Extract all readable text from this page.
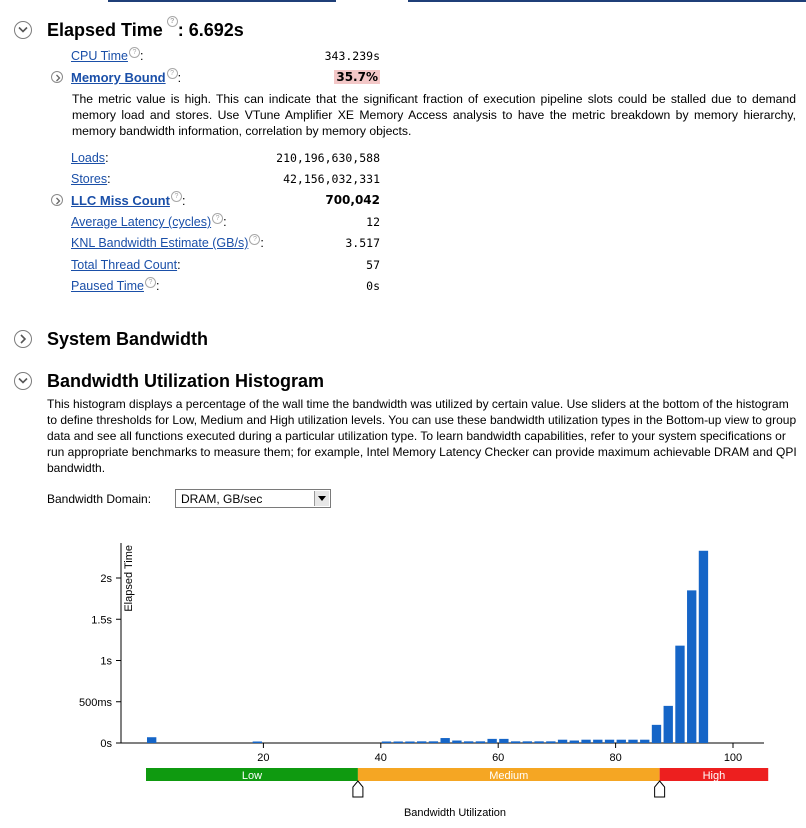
Elapsed Time ? : 6.692s
CPU Time ? :	343.239s
Memory Bound ? :	35.7%
Loads:	210,196,630,588
Stores:	42,156,032,331
LLC Miss Count ? :	700,042
Average Latency (cycles) ? :	12
KNL Bandwidth Estimate (GB/s) ? :	3.517
Total Thread Count:	57
Paused Time ? :	0s
The metric value is high. This can indicate that the significant fraction of execution pipeline slots could be stalled due to demand memory load and stores. Use VTune Amplifier XE Memory Access analysis to have the metric breakdown by memory hierarchy, memory bandwidth information, correlation by memory objects.
System Bandwidth
Bandwidth Utilization Histogram
This histogram displays a percentage of the wall time the bandwidth was utilized by certain value. Use sliders at the bottom of the histogram to define thresholds for Low, Medium and High utilization levels. You can use these bandwidth utilization types in the Bottom-up view to group data and see all functions executed during a particular utilization type. To learn bandwidth capabilities, refer to your system specifications or run appropriate benchmarks to measure them; for example, Intel Memory Latency Checker can provide maximum achievable DRAM and QPI bandwidth.
Bandwidth Domain: DRAM, GB/sec
0s
500ms
1s
1.5s
2s
20	40	60	80	100
Elapsed Time
Low	Medium	High
Bandwidth Utilization
